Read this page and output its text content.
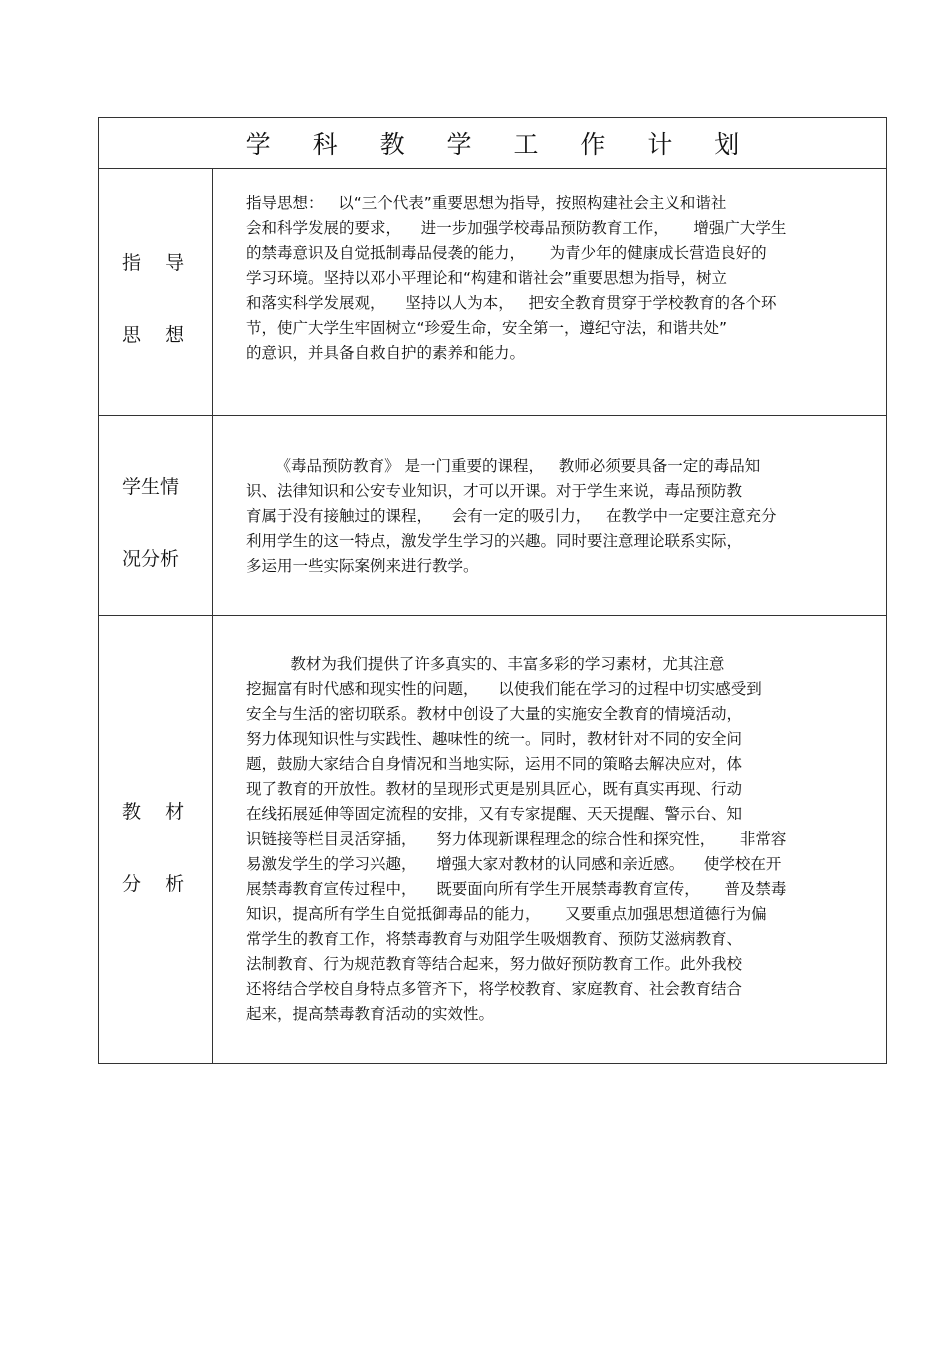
学 科 教 学 工 作 计 划
指    导
思    想
指导思想：   以“三个代表”重要思想为指导，按照构建社会主义和谐社
会和科学发展的要求，    进一步加强学校毒品预防教育工作，     增强广大学生
的禁毒意识及自觉抵制毒品侵袭的能力，     为青少年的健康成长营造良好的
学习环境。坚持以邓小平理论和“构建和谐社会”重要思想为指导，树立
和落实科学发展观，    坚持以人为本，   把安全教育贯穿于学校教育的各个环
节，使广大学生牢固树立“珍爱生命，安全第一，遵纪守法，和谐共处”
的意识，并具备自救自护的素养和能力。
学生情
况分析
《毒品预防教育》 是一门重要的课程，   教师必须要具备一定的毒品知
识、法律知识和公安专业知识，才可以开课。对于学生来说，毒品预防教
育属于没有接触过的课程，    会有一定的吸引力，   在教学中一定要注意充分
利用学生的这一特点，激发学生学习的兴趣。同时要注意理论联系实际，
多运用一些实际案例来进行教学。
教    材
分    析
教材为我们提供了许多真实的、丰富多彩的学习素材，尤其注意
挖掘富有时代感和现实性的问题，    以使我们能在学习的过程中切实感受到
安全与生活的密切联系。教材中创设了大量的实施安全教育的情境活动，
努力体现知识性与实践性、趣味性的统一。同时，教材针对不同的安全问
题，鼓励大家结合自身情况和当地实际，运用不同的策略去解决应对，体
现了教育的开放性。教材的呈现形式更是别具匠心，既有真实再现、行动
在线拓展延伸等固定流程的安排，又有专家提醒、天天提醒、警示台、知
识链接等栏目灵活穿插，    努力体现新课程理念的综合性和探究性，     非常容
易激发学生的学习兴趣，    增强大家对教材的认同感和亲近感。    使学校在开
展禁毒教育宣传过程中，    既要面向所有学生开展禁毒教育宣传，     普及禁毒
知识，提高所有学生自觉抵御毒品的能力，     又要重点加强思想道德行为偏
常学生的教育工作，将禁毒教育与劝阻学生吸烟教育、预防艾滋病教育、
法制教育、行为规范教育等结合起来，努力做好预防教育工作。此外我校
还将结合学校自身特点多管齐下，将学校教育、家庭教育、社会教育结合
起来，提高禁毒教育活动的实效性。
